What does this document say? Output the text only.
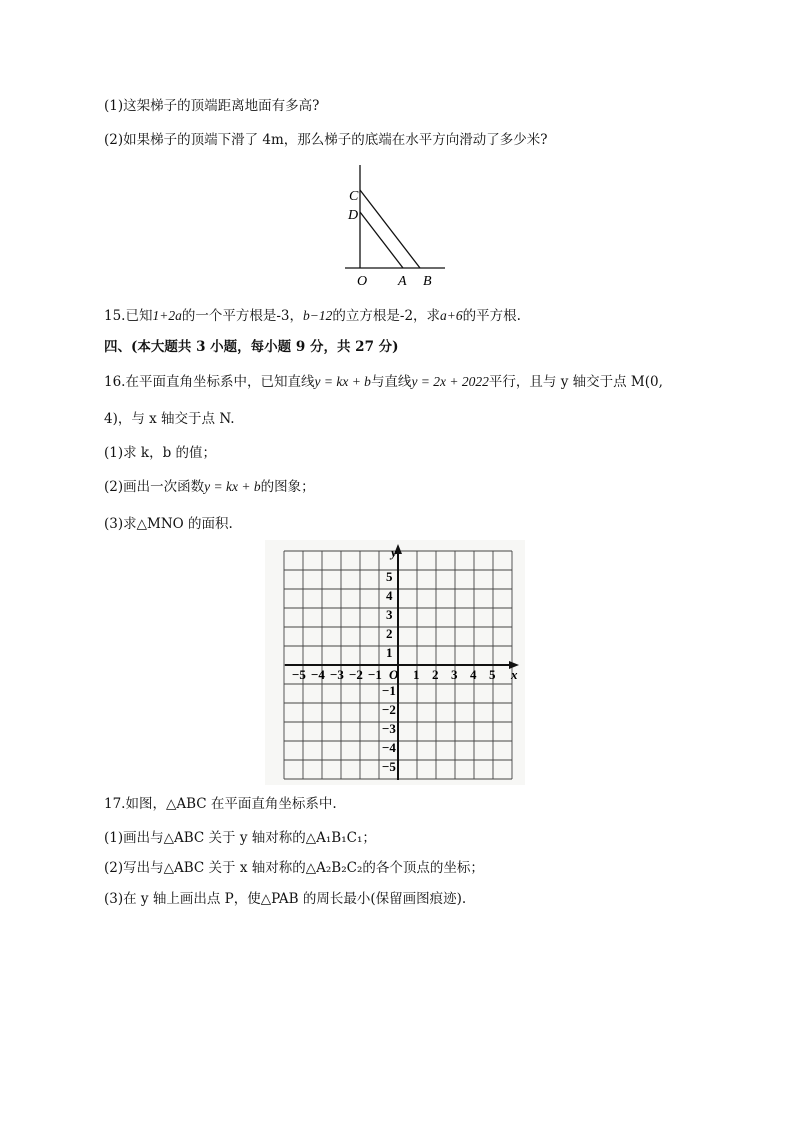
(1)这架梯子的顶端距离地面有多高?
(2)如果梯子的顶端下滑了 4m，那么梯子的底端在水平方向滑动了多少米?
C
D
O A B
15.已知1+2a的一个平方根是-3，b−12的立方根是-2，求a+6的平方根.
四、(本大题共 3 小题，每小题 9 分，共 27 分)
16.在平面直角坐标系中，已知直线y = kx + b与直线y = 2x + 2022平行，且与 y 轴交于点 M(0,
4)，与 x 轴交于点 N.
(1)求 k，b 的值；
(2)画出一次函数y = kx + b的图象；
(3)求△MNO 的面积.
−5 −4 −3 −2 −1 1 2 3 4 5
5
4
3
2
1
−1
−2
−3
−4
−5
x
y
O
17.如图，△ABC 在平面直角坐标系中.
(1)画出与△ABC 关于 y 轴对称的△A₁B₁C₁；
(2)写出与△ABC 关于 x 轴对称的△A₂B₂C₂的各个顶点的坐标；
(3)在 y 轴上画出点 P，使△PAB 的周长最小(保留画图痕迹).
